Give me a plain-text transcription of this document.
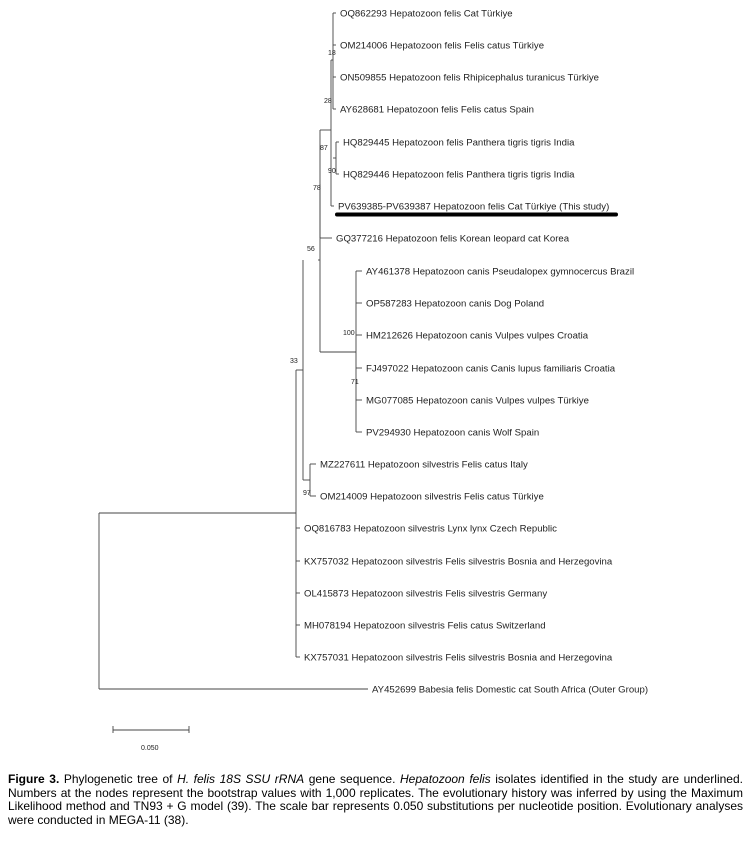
OQ862293 Hepatozoon felis Cat Türkiye
OM214006 Hepatozoon felis Felis catus Türkiye
ON509855 Hepatozoon felis Rhipicephalus turanicus Türkiye
AY628681 Hepatozoon felis Felis catus Spain
HQ829445 Hepatozoon felis Panthera tigris tigris India
HQ829446 Hepatozoon felis Panthera tigris tigris India
PV639385-PV639387 Hepatozoon felis Cat Türkiye (This study)
GQ377216 Hepatozoon felis Korean leopard cat Korea
AY461378 Hepatozoon canis Pseudalopex gymnocercus Brazil
OP587283 Hepatozoon canis Dog Poland
HM212626 Hepatozoon canis Vulpes vulpes Croatia
FJ497022 Hepatozoon canis Canis lupus familiaris Croatia
MG077085 Hepatozoon canis Vulpes vulpes Türkiye
PV294930 Hepatozoon canis Wolf Spain
MZ227611 Hepatozoon silvestris Felis catus Italy
OM214009 Hepatozoon silvestris Felis catus Türkiye
OQ816783 Hepatozoon silvestris Lynx lynx Czech Republic
KX757032 Hepatozoon silvestris Felis silvestris Bosnia and Herzegovina
OL415873 Hepatozoon silvestris Felis silvestris Germany
MH078194 Hepatozoon silvestris Felis catus Switzerland
KX757031 Hepatozoon silvestris Felis silvestris Bosnia and Herzegovina
AY452699 Babesia felis Domestic cat South Africa (Outer Group)
18
28
87
90
78
56
100
71
33
97
0.050
Figure 3. Phylogenetic tree of H. felis 18S SSU rRNA gene sequence. Hepatozoon felis isolates identified in the study are underlined. Numbers at the nodes represent the bootstrap values with 1,000 replicates. The evolutionary history was inferred by using the Maximum Likelihood method and TN93 + G model (39). The scale bar represents 0.050 substitutions per nucleotide position. Evolutionary analyses were conducted in MEGA-11 (38).
